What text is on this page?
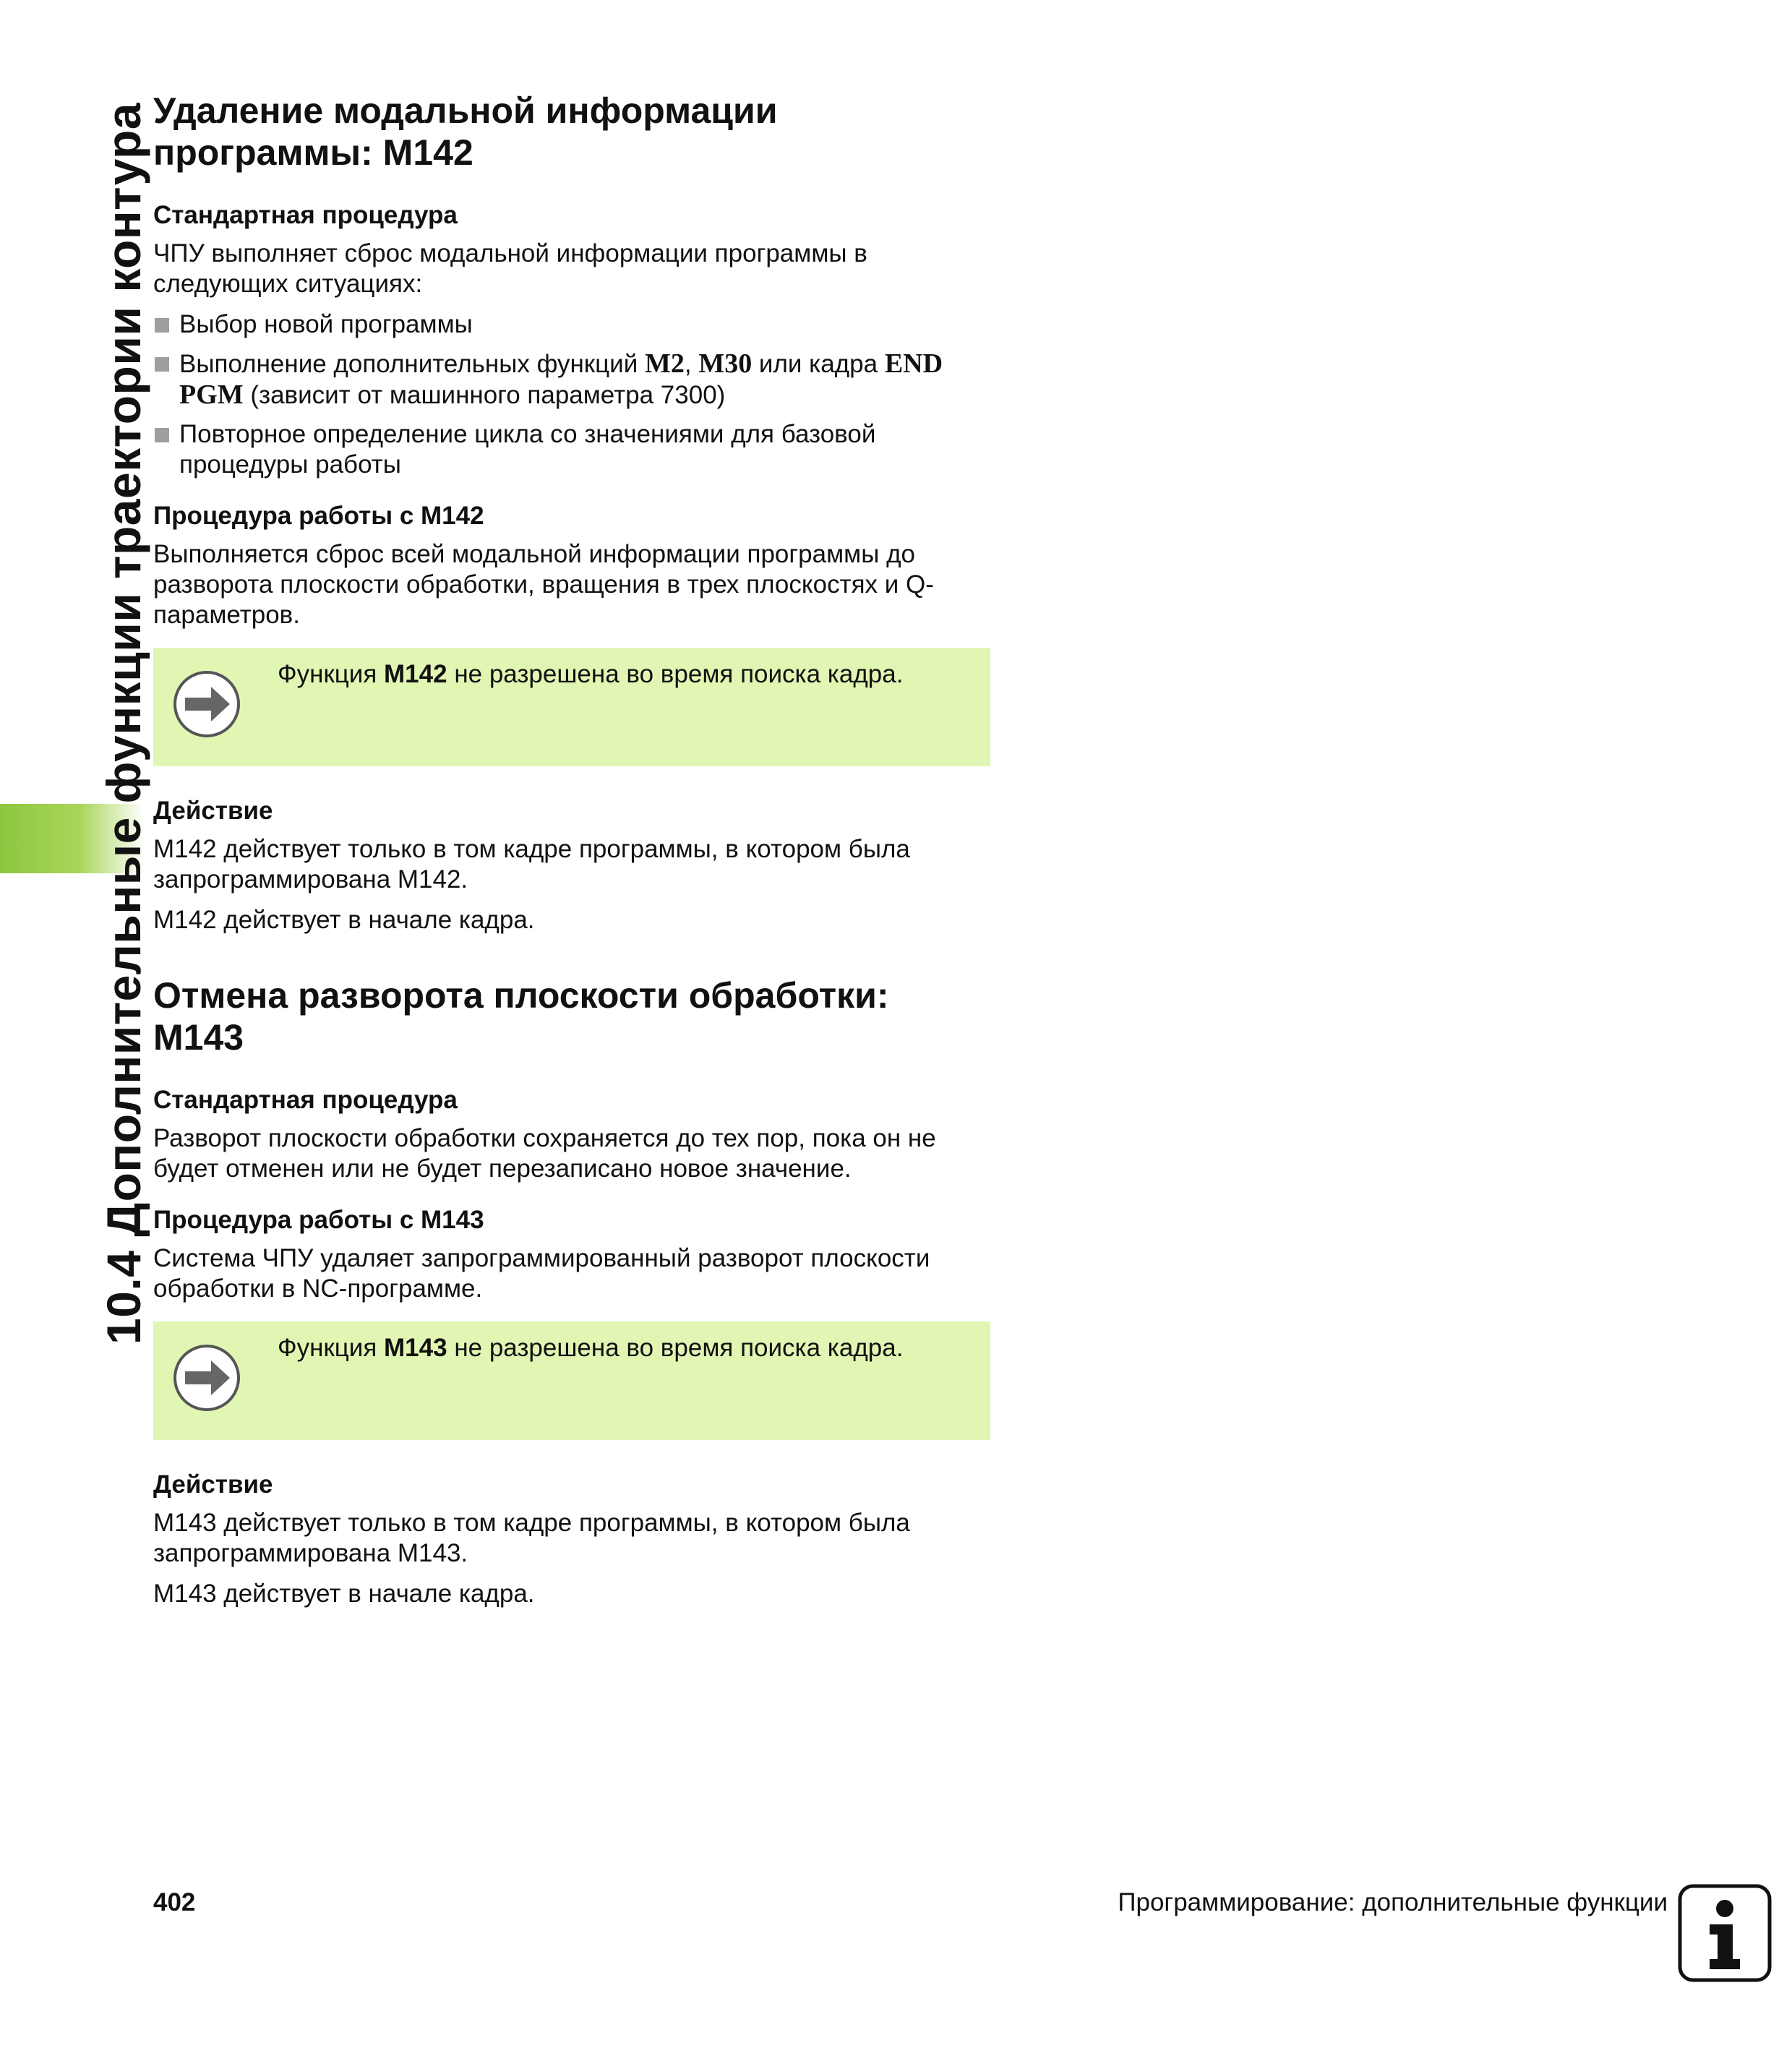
10.4 Дополнительные функции траектории контура Удаление модальной информации
программы: M142
Стандартная процедура

ЧПУ выполняет сброс модальной информации программы в следующих ситуациях:

Выбор новой программы
Выполнение дополнительных функций M2, M30 или кадра END PGM (зависит от машинного параметра 7300)
Повторное определение цикла со значениями для базовой процедуры работы
Процедура работы с M142

Выполняется сброс всей модальной информации программы до разворота плоскости обработки, вращения в трех плоскостях и Q-параметров.

Функция M142 не разрешена во время поиска кадра.
Действие

M142 действует только в том кадре программы, в котором была запрограммирована M142.

M142 действует в начале кадра.

Отмена разворота плоскости обработки:
M143
Стандартная процедура

Разворот плоскости обработки сохраняется до тех пор, пока он не будет отменен или не будет перезаписано новое значение.

Процедура работы с M143

Система ЧПУ удаляет запрограммированный разворот плоскости обработки в NC-программе.

Функция M143 не разрешена во время поиска кадра.
Действие

M143 действует только в том кадре программы, в котором была запрограммирована M143.

M143 действует в начале кадра.

402	Программирование: дополнительные функции
